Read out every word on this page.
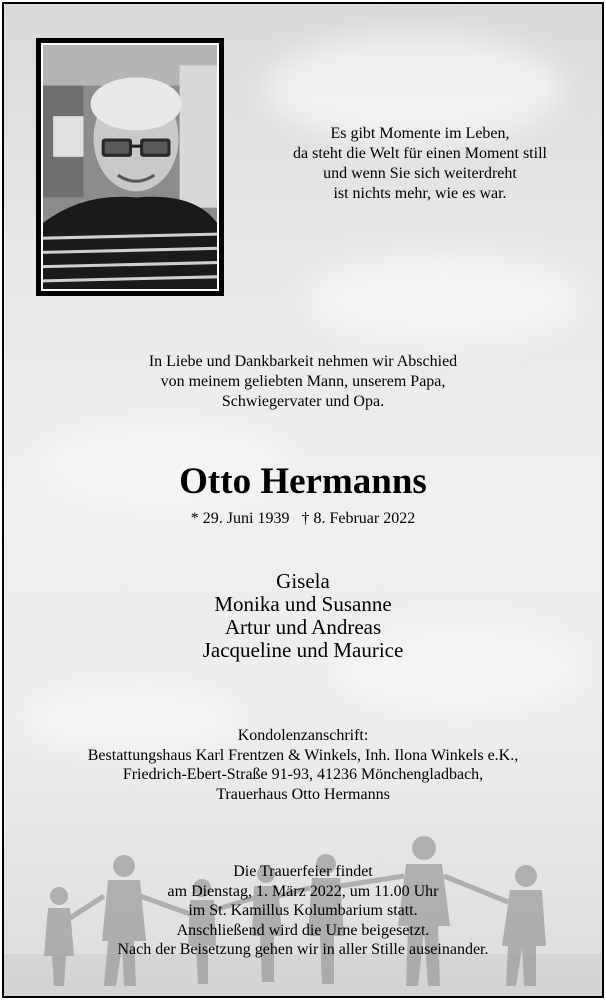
Es gibt Momente im Leben,
da steht die Welt für einen Moment still
und wenn Sie sich weiterdreht
ist nichts mehr, wie es war.
In Liebe und Dankbarkeit nehmen wir Abschied
von meinem geliebten Mann, unserem Papa,
Schwiegervater und Opa.
Otto Hermanns
* 29. Juni 1939   † 8. Februar 2022
Gisela
Monika und Susanne
Artur und Andreas
Jacqueline und Maurice
Kondolenzanschrift:
Bestattungshaus Karl Frentzen & Winkels, Inh. Ilona Winkels e.K.,
Friedrich-Ebert-Straße 91-93, 41236 Mönchengladbach,
Trauerhaus Otto Hermanns
Die Trauerfeier findet
am Dienstag, 1. März 2022, um 11.00 Uhr
im St. Kamillus Kolumbarium statt.
Anschließend wird die Urne beigesetzt.
Nach der Beisetzung gehen wir in aller Stille auseinander.
